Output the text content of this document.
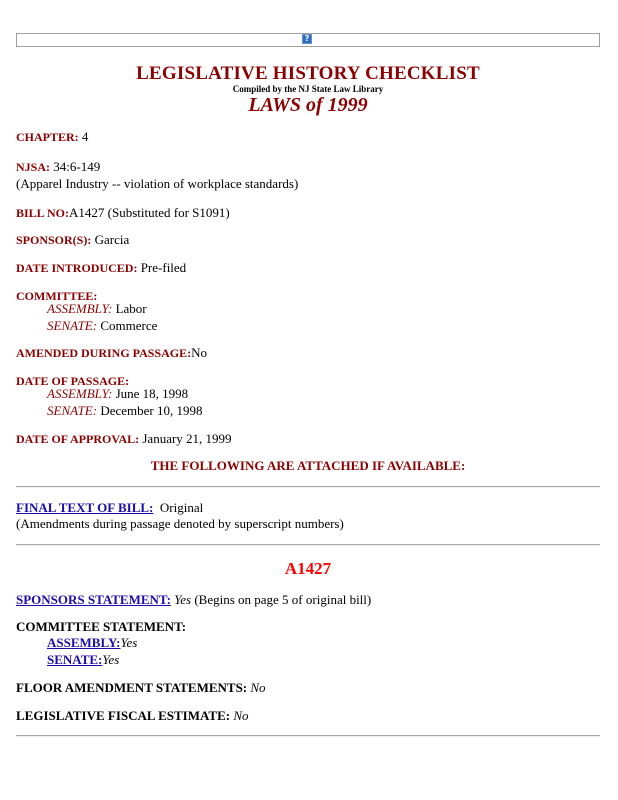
?
LEGISLATIVE HISTORY CHECKLIST
Compiled by the NJ State Law Library
LAWS of 1999
CHAPTER: 4
NJSA: 34:6-149
(Apparel Industry -- violation of workplace standards)
BILL NO:A1427 (Substituted for S1091)
SPONSOR(S): Garcia
DATE INTRODUCED: Pre-filed
COMMITTEE:
ASSEMBLY: Labor
SENATE: Commerce
AMENDED DURING PASSAGE:No
DATE OF PASSAGE:
ASSEMBLY: June 18, 1998
SENATE: December 10, 1998
DATE OF APPROVAL: January 21, 1999
THE FOLLOWING ARE ATTACHED IF AVAILABLE:
FINAL TEXT OF BILL: Original
(Amendments during passage denoted by superscript numbers)
A1427
SPONSORS STATEMENT: Yes (Begins on page 5 of original bill)
COMMITTEE STATEMENT:
ASSEMBLY:Yes
SENATE:Yes
FLOOR AMENDMENT STATEMENTS: No
LEGISLATIVE FISCAL ESTIMATE: No
